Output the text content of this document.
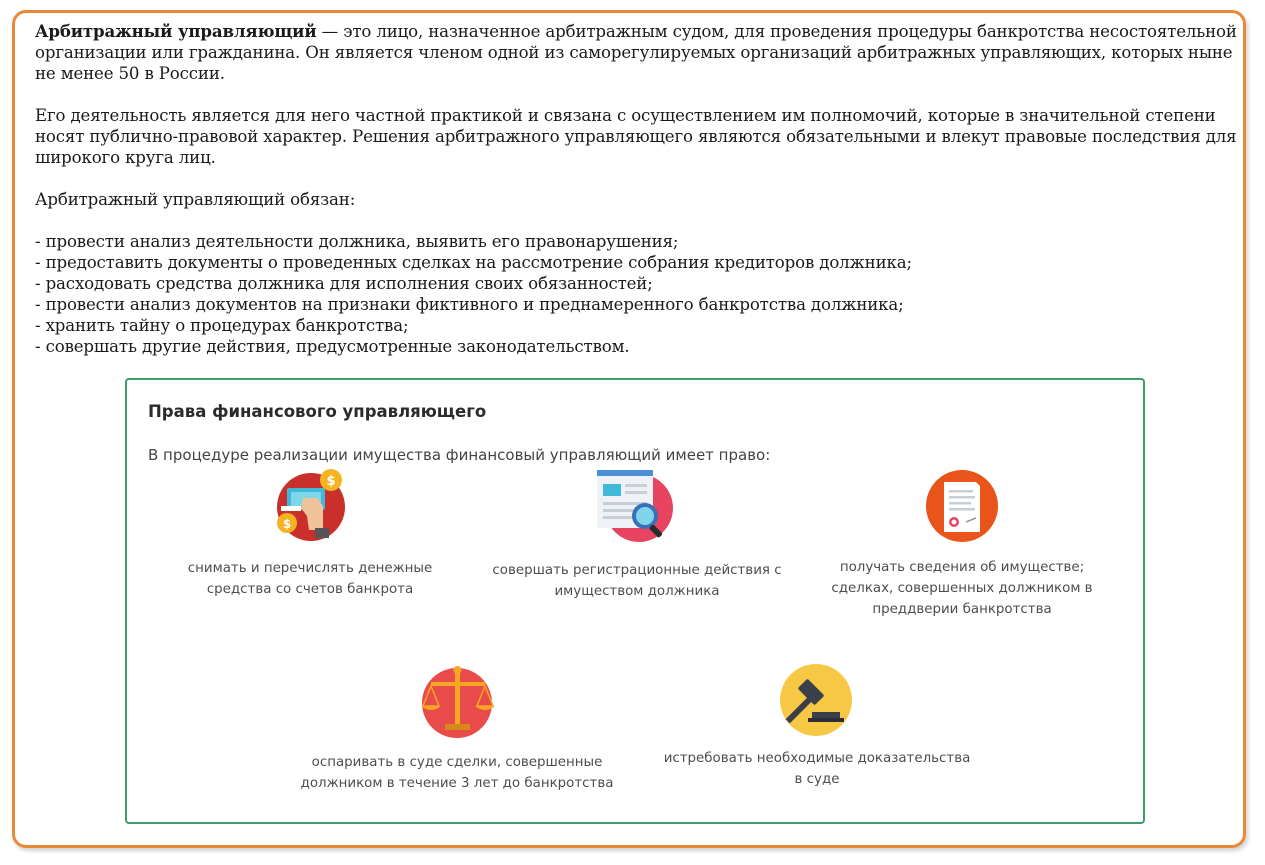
Арбитражный управляющий — это лицо, назначенное арбитражным судом, для проведения процедуры банкротства несостоятельной организации или гражданина. Он является членом одной из саморегулируемых организаций арбитражных управляющих, которых ныне не менее 50 в России.

Его деятельность является для него частной практикой и связана с осуществлением им полномочий, которые в значительной степени носят публично-правовой характер. Решения арбитражного управляющего являются обязательными и влекут правовые последствия для широкого круга лиц.

Арбитражный управляющий обязан:

- провести анализ деятельности должника, выявить его правонарушения;

- предоставить документы о проведенных сделках на рассмотрение собрания кредиторов должника;

- расходовать средства должника для исполнения своих обязанностей;

- провести анализ документов на признаки фиктивного и преднамеренного банкротства должника;

- хранить тайну о процедурах банкротства;

- совершать другие действия, предусмотренные законодательством.

Права финансового управляющего
В процедуре реализации имущества финансовый управляющий имеет право:
$
$
снимать и перечислять денежные
средства со счетов банкрота
совершать регистрационные действия с
имуществом должника
получать сведения об имуществе;
сделках, совершенных должником в
преддверии банкротства
оспаривать в суде сделки, совершенные
должником в течение 3 лет до банкротства
истребовать необходимые доказательства
в суде
